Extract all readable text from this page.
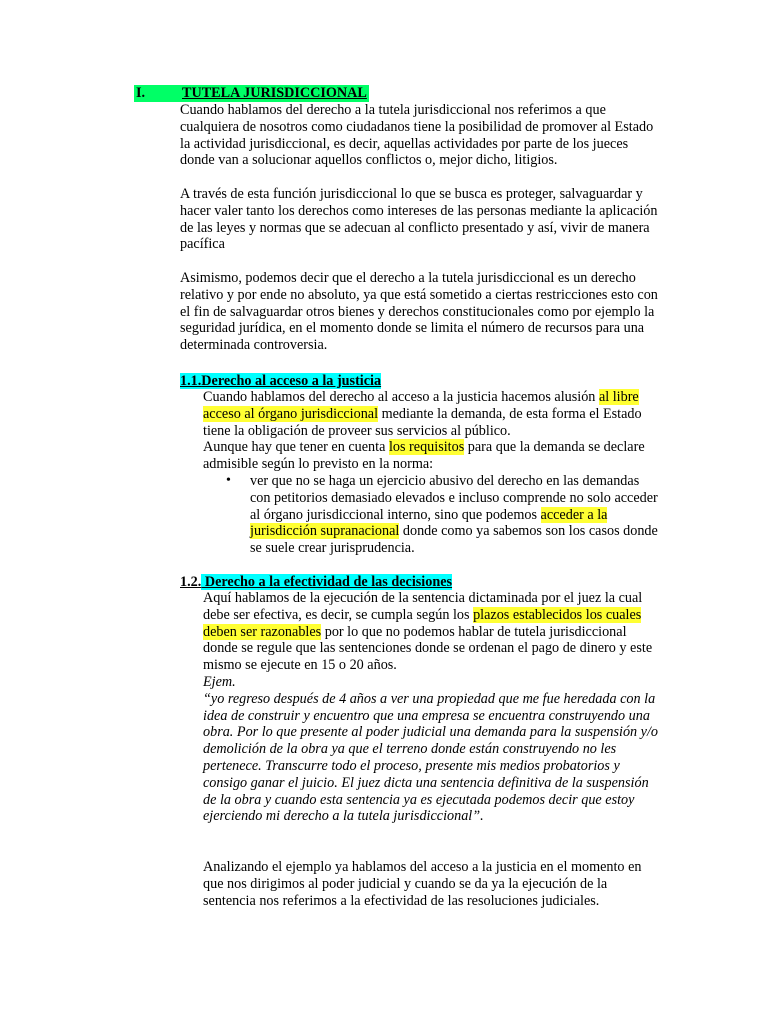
I.	TUTELA JURISDICCIONAL

Cuando hablamos del derecho a la tutela jurisdiccional nos referimos a que cualquiera de nosotros como ciudadanos tiene la posibilidad de promover al Estado la actividad jurisdiccional, es decir, aquellas actividades por parte de los jueces donde van a solucionar aquellos conflictos o, mejor dicho, litigios.

A través de esta función jurisdiccional lo que se busca es proteger, salvaguardar y hacer valer tanto los derechos como intereses de las personas mediante la aplicación de las leyes y normas que se adecuan al conflicto presentado y así, vivir de manera pacífica

Asimismo, podemos decir que el derecho a la tutela jurisdiccional es un derecho relativo y por ende no absoluto, ya que está sometido a ciertas restricciones esto con el fin de salvaguardar otros bienes y derechos constitucionales como por ejemplo la seguridad jurídica, en el momento donde se limita el número de recursos para una determinada controversia.

1.1.Derecho al acceso a la justicia

Cuando hablamos del derecho al acceso a la justicia hacemos alusión al libre acceso al órgano jurisdiccional mediante la demanda, de esta forma el Estado tiene la obligación de proveer sus servicios al público.

Aunque hay que tener en cuenta los requisitos para que la demanda se declare admisible según lo previsto en la norma:

• ver que no se haga un ejercicio abusivo del derecho en las demandas con petitorios demasiado elevados e incluso comprende no solo acceder al órgano jurisdiccional interno, sino que podemos acceder a la jurisdicción supranacional donde como ya sabemos son los casos donde se suele crear jurisprudencia.
1.2. Derecho a la efectividad de las decisiones

Aquí hablamos de la ejecución de la sentencia dictaminada por el juez la cual debe ser efectiva, es decir, se cumpla según los plazos establecidos los cuales deben ser razonables por lo que no podemos hablar de tutela jurisdiccional donde se regule que las sentenciones donde se ordenan el pago de dinero y este mismo se ejecute en 15 o 20 años.

Ejem.

“yo regreso después de 4 años a ver una propiedad que me fue heredada con la idea de construir y encuentro que una empresa se encuentra construyendo una obra. Por lo que presente al poder judicial una demanda para la suspensión y/o demolición de la obra ya que el terreno donde están construyendo no les pertenece. Transcurre todo el proceso, presente mis medios probatorios y consigo ganar el juicio. El juez dicta una sentencia definitiva de la suspensión de la obra y cuando esta sentencia ya es ejecutada podemos decir que estoy ejerciendo mi derecho a la tutela jurisdiccional”.

Analizando el ejemplo ya hablamos del acceso a la justicia en el momento en que nos dirigimos al poder judicial y cuando se da ya la ejecución de la sentencia nos referimos a la efectividad de las resoluciones judiciales.
